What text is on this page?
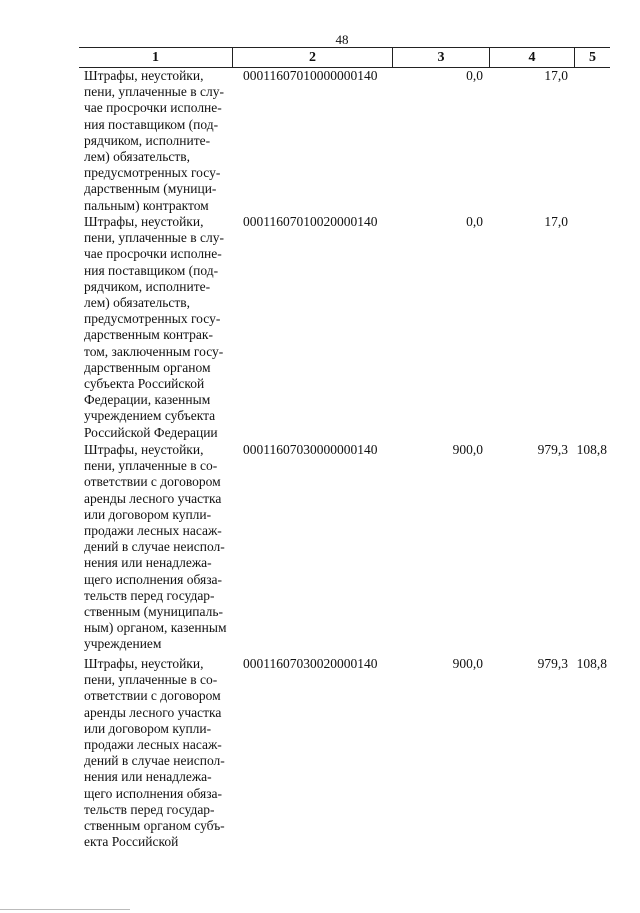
48
1	2	3	4	5
Штрафы, неустойки,
пени, уплаченные в слу-
чае просрочки исполне-
ния поставщиком (под-
рядчиком, исполните-
лем) обязательств,
предусмотренных госу-
дарственным (муници-
пальным) контрактом
00011607010000000140	0,0	17,0
Штрафы, неустойки,
пени, уплаченные в слу-
чае просрочки исполне-
ния поставщиком (под-
рядчиком, исполните-
лем) обязательств,
предусмотренных госу-
дарственным контрак-
том, заключенным госу-
дарственным органом
субъекта Российской
Федерации, казенным
учреждением субъекта
Российской Федерации
00011607010020000140	0,0	17,0
Штрафы, неустойки,
пени, уплаченные в со-
ответствии с договором
аренды лесного участка
или договором купли-
продажи лесных насаж-
дений в случае неиспол-
нения или ненадлежа-
щего исполнения обяза-
тельств перед государ-
ственным (муниципаль-
ным) органом, казенным
учреждением
00011607030000000140	900,0	979,3 108,8
Штрафы, неустойки,
пени, уплаченные в со-
ответствии с договором
аренды лесного участка
или договором купли-
продажи лесных насаж-
дений в случае неиспол-
нения или ненадлежа-
щего исполнения обяза-
тельств перед государ-
ственным органом субъ-
екта Российской
00011607030020000140	900,0	979,3 108,8
